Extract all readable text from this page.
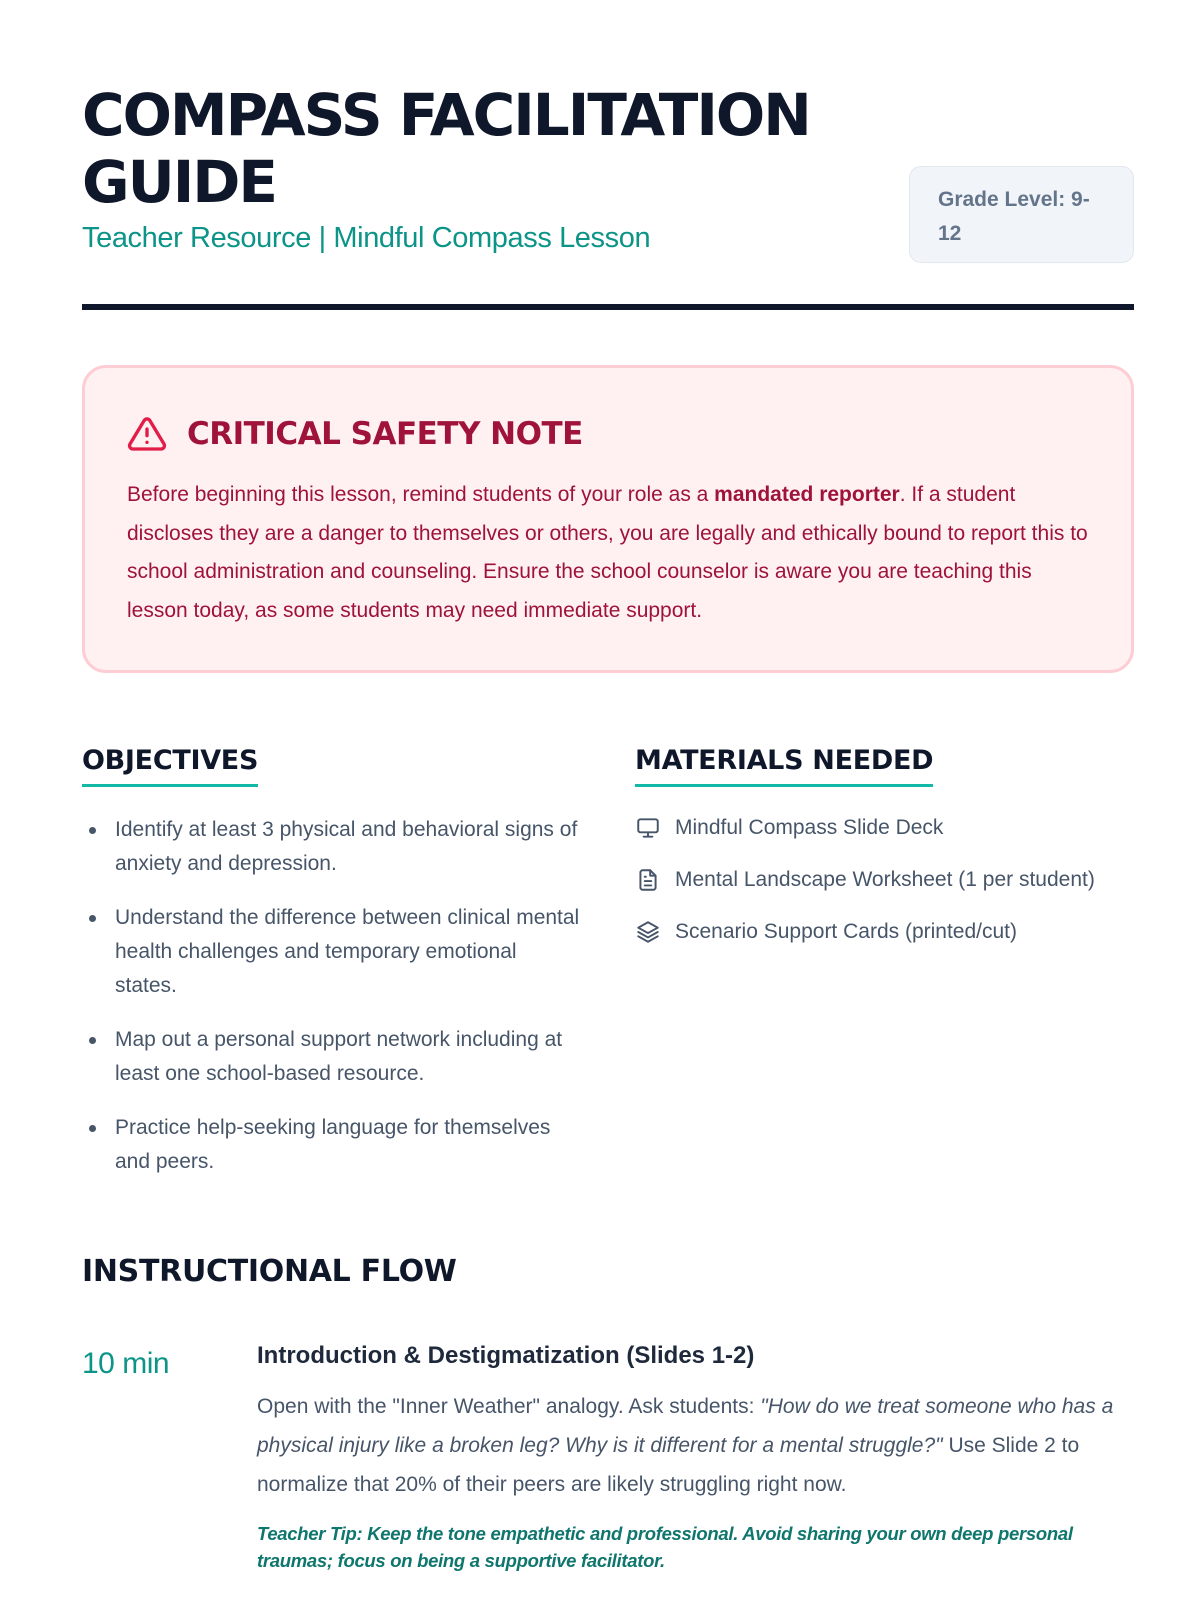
COMPASS FACILITATION GUIDE
Teacher Resource | Mindful Compass Lesson
Grade Level: 9-12
CRITICAL SAFETY NOTE

Before beginning this lesson, remind students of your role as a mandated reporter. If a student discloses they are a danger to themselves or others, you are legally and ethically bound to report this to school administration and counseling. Ensure the school counselor is aware you are teaching this lesson today, as some students may need immediate support.

OBJECTIVES
Identify at least 3 physical and behavioral signs of anxiety and depression.
Understand the difference between clinical mental health challenges and temporary emotional states.
Map out a personal support network including at least one school-based resource.
Practice help-seeking language for themselves and peers.
MATERIALS NEEDED
Mindful Compass Slide Deck
Mental Landscape Worksheet (1 per student)
Scenario Support Cards (printed/cut)
INSTRUCTIONAL FLOW
10 min	Introduction & Destigmatization (Slides 1-2)

Open with the "Inner Weather" analogy. Ask students: "How do we treat someone who has a physical injury like a broken leg? Why is it different for a mental struggle?" Use Slide 2 to normalize that 20% of their peers are likely struggling right now.

Teacher Tip: Keep the tone empathetic and professional. Avoid sharing your own deep personal traumas; focus on being a supportive facilitator.
